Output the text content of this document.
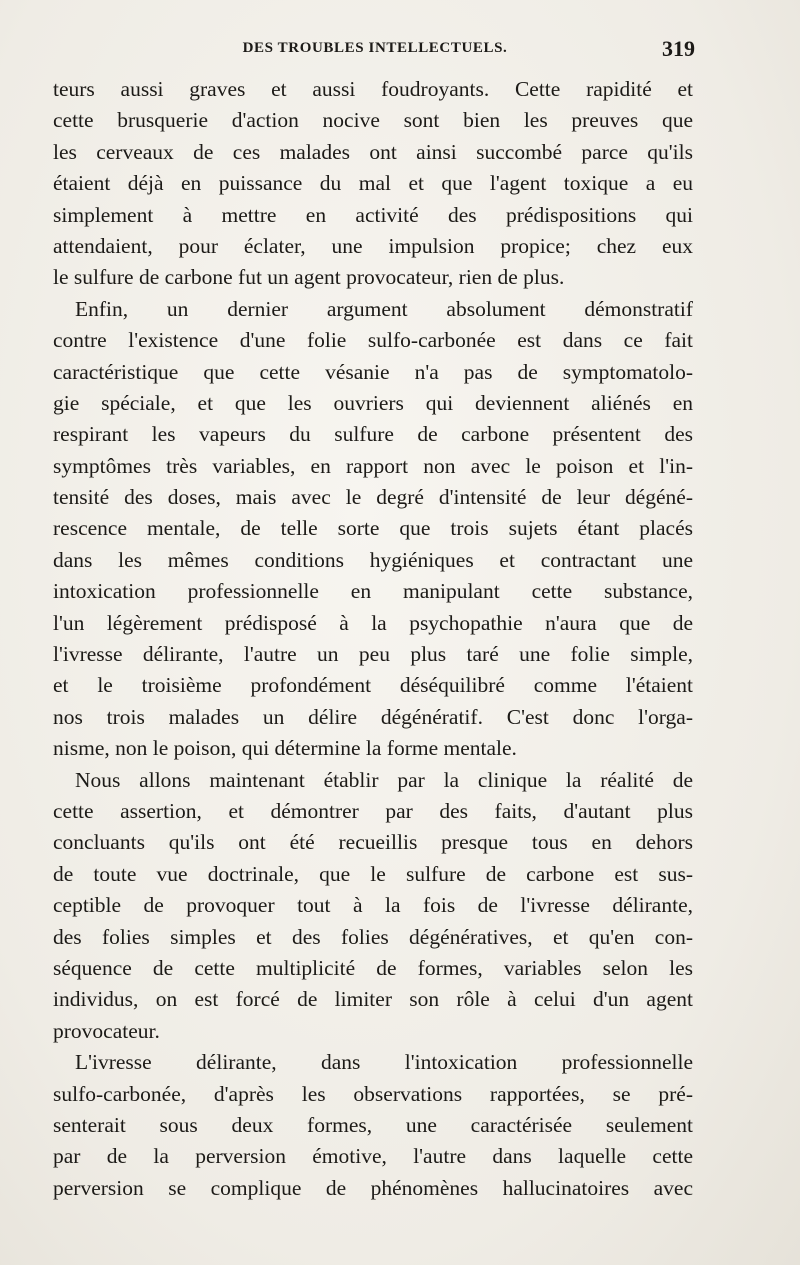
DES TROUBLES INTELLECTUELS.	319
teurs aussi graves et aussi foudroyants. Cette rapidité et
cette brusquerie d'action nocive sont bien les preuves que
les cerveaux de ces malades ont ainsi succombé parce qu'ils
étaient déjà en puissance du mal et que l'agent toxique a eu
simplement à mettre en activité des prédispositions qui
attendaient, pour éclater, une impulsion propice; chez eux
le sulfure de carbone fut un agent provocateur, rien de plus.
Enfin, un dernier argument absolument démonstratif
contre l'existence d'une folie sulfo-carbonée est dans ce fait
caractéristique que cette vésanie n'a pas de symptomatolo-
gie spéciale, et que les ouvriers qui deviennent aliénés en
respirant les vapeurs du sulfure de carbone présentent des
symptômes très variables, en rapport non avec le poison et l'in-
tensité des doses, mais avec le degré d'intensité de leur dégéné-
rescence mentale, de telle sorte que trois sujets étant placés
dans les mêmes conditions hygiéniques et contractant une
intoxication professionnelle en manipulant cette substance,
l'un légèrement prédisposé à la psychopathie n'aura que de
l'ivresse délirante, l'autre un peu plus taré une folie simple,
et le troisième profondément déséquilibré comme l'étaient
nos trois malades un délire dégénératif. C'est donc l'orga-
nisme, non le poison, qui détermine la forme mentale.
Nous allons maintenant établir par la clinique la réalité de
cette assertion, et démontrer par des faits, d'autant plus
concluants qu'ils ont été recueillis presque tous en dehors
de toute vue doctrinale, que le sulfure de carbone est sus-
ceptible de provoquer tout à la fois de l'ivresse délirante,
des folies simples et des folies dégénératives, et qu'en con-
séquence de cette multiplicité de formes, variables selon les
individus, on est forcé de limiter son rôle à celui d'un agent
provocateur.
L'ivresse délirante, dans l'intoxication professionnelle
sulfo-carbonée, d'après les observations rapportées, se pré-
senterait sous deux formes, une caractérisée seulement
par de la perversion émotive, l'autre dans laquelle cette
perversion se complique de phénomènes hallucinatoires avec
